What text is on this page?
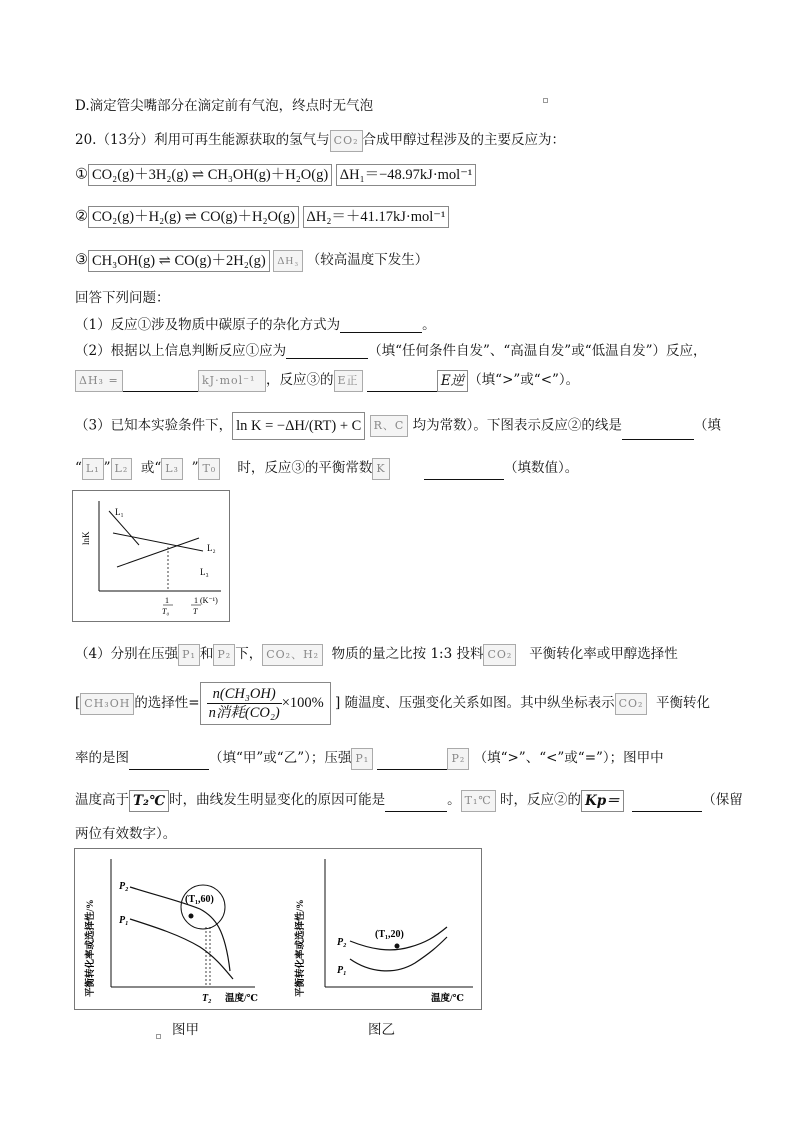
D.滴定管尖嘴部分在滴定前有气泡，终点时无气泡
20.（13分）利用可再生能源获取的氢气与 CO₂ 合成甲醇过程涉及的主要反应为：
① CO₂(g)＋3H₂(g) ⇌ CH₃OH(g)＋H₂O(g) ΔH₁＝−48.97kJ·mol⁻¹
② CO₂(g)＋H₂(g) ⇌ CO(g)＋H₂O(g) ΔH₂＝＋41.17kJ·mol⁻¹
③ CH₃OH(g) ⇌ CO(g)＋2H₂(g) ΔH₃ （较高温度下发生）
回答下列问题：
（1）反应①涉及物质中碳原子的杂化方式为	。
（2）根据以上信息判断反应①应为	（填“任何条件自发”、“高温自发”或“低温自发”）反应，
ΔH₃ =	kJ·mol⁻¹ ，反应③的 E正	E逆 （填“>”或“<”）。
（3）已知本实验条件下， ln K = −ΔH/(RT) + C R、C 均为常数）。下图表示反应②的线是	（填
“ L₁ ” L₂ 或“ L₃ ” T₀ 时，反应③的平衡常数 K	（填数值）。
lnK
L₁
L₂
L₃
1
T₀
1
T
(K⁻¹)
（4）分别在压强 P₁ 和 P₂ 下， CO₂、H₂ 物质的量之比按 1:3 投料 CO₂ 平衡转化率或甲醇选择性
[ CH₃OH 的选择性=
n(CH₃OH)
n消耗(CO₂)
×100% ] 随温度、压强变化关系如图。其中纵坐标表示 CO₂ 平衡转化
率的是图	（填“甲”或“乙”）；压强 P₁	P₂ （填“>”、“<”或“=”）；图甲中
温度高于 T₂℃ 时，曲线发生明显变化的原因可能是	。 T₁℃ 时，反应②的 Kp＝	（保留
两位有效数字）。
平衡转化率或选择性/%
温度/℃
P₂
P₁
(T₁,60)
T₂
平衡转化率或选择性/%
温度/℃
P₂
P₁
(T₁,20)
图甲	图乙
